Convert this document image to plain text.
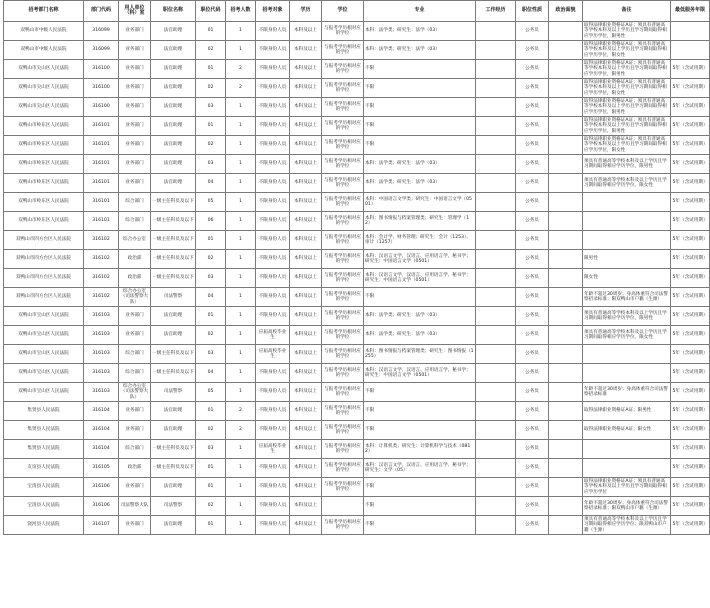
招考部门名称	部门代码	用人单位（科）室	职位名称	职位代码	招考人数	招考对象	学历	学位	专业	工作经历	职位性质	政治面貌	备注	最低服务年限
双鸭山市中级人民法院	316099	业务部门	法官助理	01	1	不限身份人员	本科及以上	与报考学历相对应的学位	本科：法学类；研究生：法学（03）		公务员		取得法律职业资格证A证；须具有普通高等学校本科及以上学历且学习期间取得相应学历学位，限男性	
双鸭山市中级人民法院	316099	业务部门	法官助理	02	1	不限身份人员	本科及以上	与报考学历相对应的学位	本科：法学类；研究生：法学（03）		公务员		取得法律职业资格证A证；须具有普通高等学校本科及以上学历且学习期间取得相应学历学位，限女性	
双鸭山市尖山区人民法院	316100	业务部门	法官助理	01	2	不限身份人员	本科及以上	与报考学历相对应的学位	不限		公务员		取得法律职业资格证A证；须具有普通高等学校本科及以上学历且学习期间取得相应学历学位，限男性	5年（含试用期）
双鸭山市尖山区人民法院	316100	业务部门	法官助理	02	2	不限身份人员	本科及以上	与报考学历相对应的学位	不限		公务员		取得法律职业资格证A证；须具有普通高等学校本科及以上学历且学习期间取得相应学历学位，限女性	5年（含试用期）
双鸭山市尖山区人民法院	316100	业务部门	法官助理	03	1	不限身份人员	本科及以上	与报考学历相对应的学位	不限		公务员		取得法律职业资格证A证；须具有普通高等学校本科及以上学历且学习期间取得相应学历学位，限男性	5年（含试用期）
双鸭山市岭东区人民法院	316101	业务部门	法官助理	01	1	不限身份人员	本科及以上	与报考学历相对应的学位	不限		公务员		取得法律职业资格证A证；须具有普通高等学校本科及以上学历且学习期间取得相应学历学位，限男性	5年（含试用期）
双鸭山市岭东区人民法院	316101	业务部门	法官助理	02	1	不限身份人员	本科及以上	与报考学历相对应的学位	不限		公务员		取得法律职业资格证A证；须具有普通高等学校本科及以上学历且学习期间取得相应学历学位，限女性	5年（含试用期）
双鸭山市岭东区人民法院	316101	业务部门	法官助理	03	1	不限身份人员	本科及以上	与报考学历相对应的学位	本科：法学类；研究生：法学（03）		公务员		须具有普通高等学校本科及以上学历且学习期间取得相应学历学位，限男性	5年（含试用期）
双鸭山市岭东区人民法院	316101	业务部门	法官助理	04	1	不限身份人员	本科及以上	与报考学历相对应的学位	本科：法学类；研究生：法学（03）		公务员		须具有普通高等学校本科及以上学历且学习期间取得相应学历学位，限女性	5年（含试用期）
双鸭山市岭东区人民法院	316101	综合部门	一级主任科员及以下	05	1	不限身份人员	本科及以上	与报考学历相对应的学位	本科：中国语言文学类；研究生：中国语言文学（0501）		公务员			5年（含试用期）
双鸭山市岭东区人民法院	316101	综合部门	一级主任科员及以下	06	1	不限身份人员	本科及以上	与报考学历相对应的学位	本科：图书情报与档案管理类；研究生：管理学（12）		公务员			5年（含试用期）
双鸭山市四方台区人民法院	316102	综合办公室	一级主任科员及以下	01	1	不限身份人员	本科及以上	与报考学历相对应的学位	本科：会计学、财务管理；研究生：会计（1253）、审计（1257）		公务员			5年（含试用期）
双鸭山市四方台区人民法院	316102	政治部	一级主任科员及以下	02	1	不限身份人员	本科及以上	与报考学历相对应的学位	本科：汉语言文学、汉语言、应用语言学、秘书学；研究生：中国语言文学（0501）		公务员		限男性	5年（含试用期）
双鸭山市四方台区人民法院	316102	政治部	一级主任科员及以下	03	1	不限身份人员	本科及以上	与报考学历相对应的学位	本科：汉语言文学、汉语言、应用语言学、秘书学；研究生：中国语言文学（0501）		公务员		限女性	5年（含试用期）
双鸭山市四方台区人民法院	316102	综合办公室（司法警察大队）	司法警察	04	1	不限身份人员	本科及以上	与报考学历相对应的学位	不限		公务员		年龄不超过30周岁；身高体重符合司法警察招录标准；限双鸭山市户籍（生源）	5年（含试用期）
双鸭山市宝山区人民法院	316103	业务部门	法官助理	01	1	不限身份人员	本科及以上	与报考学历相对应的学位	本科：法学类；研究生：法学（03）		公务员		须具有普通高等学校本科及以上学历且学习期间取得相应学历学位，限男性	5年（含试用期）
双鸭山市宝山区人民法院	316103	业务部门	法官助理	02	1	应届高校毕业生	本科及以上	与报考学历相对应的学位	本科：法学类；研究生：法学（03）		公务员		须具有普通高等学校本科及以上学历且学习期间取得相应学历学位，限女性	5年（含试用期）
双鸭山市宝山区人民法院	316103	综合部门	一级主任科员及以下	03	1	应届高校毕业生	本科及以上	与报考学历相对应的学位	本科：图书情报与档案管理类；研究生：图书情报（1255）		公务员			5年（含试用期）
双鸭山市宝山区人民法院	316103	综合部门	一级主任科员及以下	04	1	不限身份人员	本科及以上	与报考学历相对应的学位	本科：汉语言文学、汉语言、应用语言学、秘书学；研究生：中国语言文学（0501）		公务员			5年（含试用期）
双鸭山市宝山区人民法院	316103	综合办公室（司法警察大队）	司法警察	05	1	不限身份人员	本科及以上	与报考学历相对应的学位	不限		公务员		年龄不超过30周岁；身高体重符合司法警察招录标准	5年（含试用期）
集贤县人民法院	316104	业务部门	法官助理	01	2	不限身份人员	本科及以上	与报考学历相对应的学位	不限		公务员		取得法律职业资格证A证；限男性	5年（含试用期）
集贤县人民法院	316104	业务部门	法官助理	02	2	不限身份人员	本科及以上	与报考学历相对应的学位	不限		公务员		取得法律职业资格证A证；限女性	5年（含试用期）
集贤县人民法院	316104	综合部门	一级主任科员及以下	03	1	应届高校毕业生	本科及以上	与报考学历相对应的学位	本科：计算机类；研究生：计算机科学与技术（0812）		公务员			5年（含试用期）
友谊县人民法院	316105	政治部	一级主任科员及以下	01	1	不限身份人员	本科及以上	与报考学历相对应的学位	本科：汉语言文学、汉语言、应用语言学、秘书学；研究生：文学（05）		公务员			5年（含试用期）
宝清县人民法院	316106	业务部门	法官助理	01	1	不限身份人员	本科及以上	与报考学历相对应的学位	不限		公务员		取得法律职业资格证A证；须具有普通高等学校本科及以上学历且学习期间取得相应学历学位	5年（含试用期）
宝清县人民法院	316106	司法警察大队	司法警察	02	1	不限身份人员	本科及以上		不限		公务员		年龄不超过30周岁；身高体重符合司法警察招录标准；限双鸭山市户籍（生源）	5年（含试用期）
饶河县人民法院	316107	业务部门	法官助理	01	1	不限身份人员	本科及以上	与报考学历相对应的学位	不限		公务员		须具有普通高等学校本科及以上学历且学习期间取得相应学历学位；限双鸭山市户籍（生源）	5年（含试用期）
